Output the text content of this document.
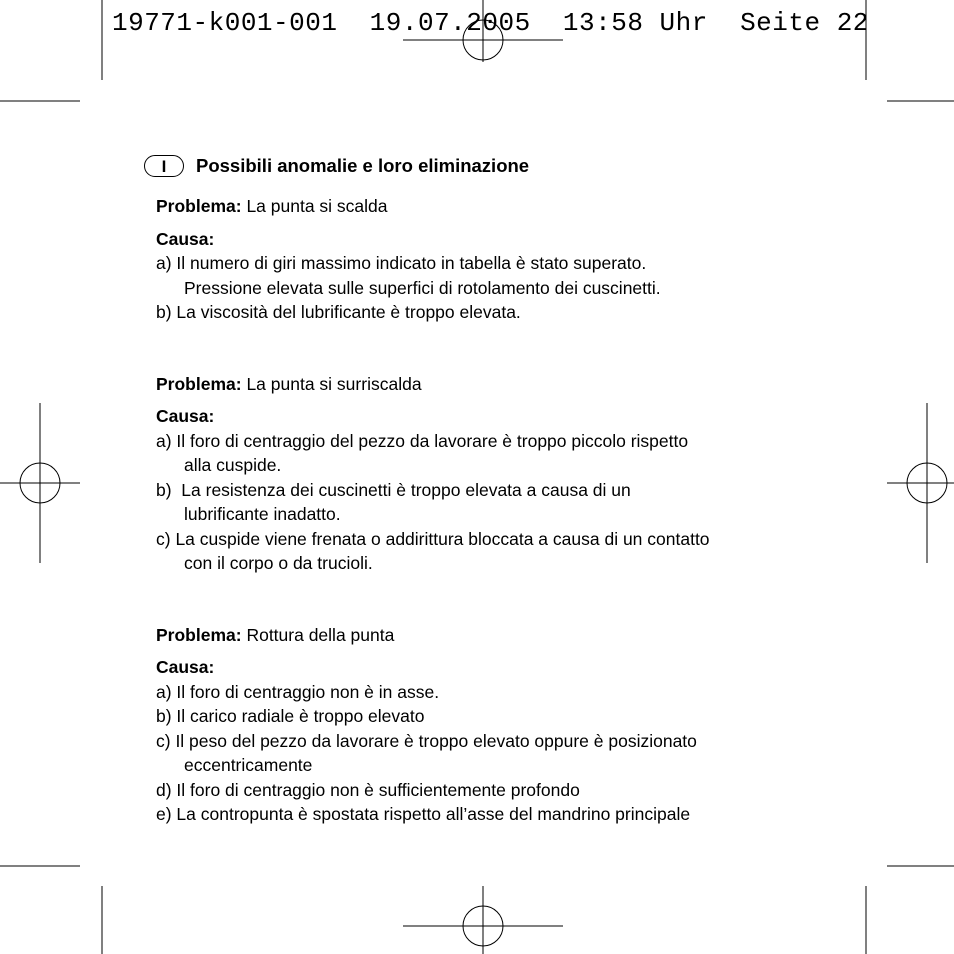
19771-k001-001 19.07.2005 13:58 Uhr Seite 22
I	Possibili anomalie e loro eliminazione

Problema: La punta si scalda

Causa:

a) Il numero di giri massimo indicato in tabella è stato superato.

Pressione elevata sulle superfici di rotolamento dei cuscinetti.

b) La viscosità del lubrificante è troppo elevata.

Problema: La punta si surriscalda

Causa:

a) Il foro di centraggio del pezzo da lavorare è troppo piccolo rispetto

alla cuspide.

b)  La resistenza dei cuscinetti è troppo elevata a causa di un

lubrificante inadatto.

c) La cuspide viene frenata o addirittura bloccata a causa di un contatto

con il corpo o da trucioli.

Problema: Rottura della punta

Causa:

a) Il foro di centraggio non è in asse.

b) Il carico radiale è troppo elevato

c) Il peso del pezzo da lavorare è troppo elevato oppure è posizionato

eccentricamente

d) Il foro di centraggio non è sufficientemente profondo

e) La contropunta è spostata rispetto all’asse del mandrino principale
